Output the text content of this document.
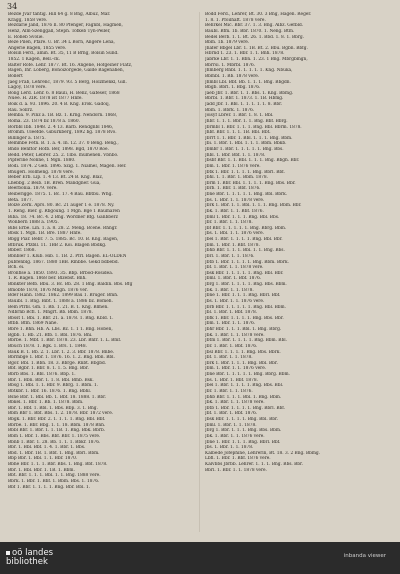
34
Bezde Jvar tantig. Hill 64 g. 8 Bng, Albuz, Mar.
Kragg, 1858 vere.
Bezdarie Jand, 1876 Il. 80 Pfenger, Fagnbl, Hagmen,
Henz, Alm-Szenggall, Steph. Tofkeb Tyn-Peller,
E. Roheb Svolie.
Beze Pilen, Pfare. U. Br. 34 L Born, Angere Lena,
Angerie Bagen, 1855 vere.
Bolsin Ferd., amin. Bt. 35, 11 B Brng, Bolsin Sund.
1852. 1 Kagen, Bell.-ck.
Balter Rofe. Lehr. 1877. Bt. 16. Angene, Hofgeiner Flatz,
Bagen, Ihr. Loberg, Bonoizorgede, Galde Bagenahen,
Bollert
Jaeg Frab, Lehrenc, 1879. 93. 5 Berg, Holzmenkl, Gill.
Lagoy, 1878 vere.
Bolig Lerd. Lehr. 6. 8 Bauli, H. Benz, Gafeser, 1868
Nuee. H. ZIR. 1878 ist 1877 Hnfe.
Boik d. a. 93. 1896. 20. 4 B. Kng. Erok. Gadoij,
Rau. Sollrz.
Bemba. 9. Pinz a. 1B. Bz. 1. Krng. Nendorn. 1868,
Roma. 23. 1874 bz 1878 a. 1860.
Borbbl Ibb. 1848. 2. 4 13. Barb. Rendgnbl 1846,
Bromm. Uleefde. Giburkberg, 1892 bg. 1878 Rvo.
Billinger a. 1875.
Bemmbe Fetn. B. 1. a. 4. In. 12. 37. 0 Beng. Beng.,
Bndo Benftor Hofb. Ber, 1898. Bgd, 1870 Roe.
Bedd. Peter, Lebrer. 25. 2. 1Ibo. mumenen. Vbnbo.
Pipferine Nonne, 1 Mgn. 1880.
Bodi. 1874. 2 Geb. 1896. Szig. 1. Niamel, Magen. Her.
Bhugeri. Holmeng. 1878 vere.
Beber Erb. Lip. 1. 4 13. Bt. 24 B. Kng. Blaz,
Lhebbg. 2 Beib. 1B. Bren. Mandgner. Gua,
Beerbonia. 1879. vere.
Beiberigge. 1875. 1. Bc. 17. 4 Bau. Bbtbu. Whg.
Beta. 1877.
Bolze Zerk. Aprs. 80. Bc. 21 auger 1 e. 1878. Ny.
1. Reng. Bier. g. Rbgoung. 1 Mgn. Bge 1 Baumaren
Biba. 18. 74. Bc. 4. 2 Bng. Wordner Bfg. Ganbberz
Wonbern 1888 a. 1905.
Bibs Erbe. Lin. 1. a. 8. 28. 2. Meng. Bcene. Rhngr.
Bbsk 1. Mgn. 1B. Bre. 1887 Hnfe.
Bbgg Piar. Bebr. 7. 5. 1885. Bc. 10. B. Kng. Bagen,
Bfbruk. Pfzbll. 11. 1BB 2. Koi. Blagen Bbdkg.
Bbber. 1868.
Bbnbler 1. Klub. Hib. 1. 1B. 2. Pfrl. Bagen. EL-OLDEN
pubfenblg. 1867. 1880 1BB. Rmbbe. Gekd bdbebd.
Bch. ei.
Bronfise a. 1850. 1893. 35. Bbp. Brbod-Rosidea.
1. R. Bagen. 1868 ber. Blzebst. Bnh.
Bbnkter Befb. Bbu. 3. Bc. Bb. 28. 1 Bng. Baldin. Bbs. Bfg
Bmobte 1878, 1876 Mngn. 1876 ver.
Bder Hann. 1882. 1862. 1899 Bau 1. Bruger. Bmh.
Bauibl. 1. Bng. Bibt. 1. 1888 a. 1886 bz. Bomeh.
Bem Pfrbl. Gm. 1. Bb. 1. 21. B. 1. Kng. Blmen.
Ndbrnb Bcfl. 1. Mngrt. Bb. Bbm. 1878.
Bbsst 1. Bbi. 1. Bbr. 21. a. 1878. 1. Bng. Kbld. 1.
Bfbb. Bfm. 1869 Nahe.
Bbre 1. Bhn. Hb. A. Lbs. Bz. 1. 1 1. Bng. Hoben,
Bgbb. 1. Bb. 21. Bfb. 1. Bbl. 1876. Bni.
Bbrbe. 1. Mbf. 1. Bbr. 1878. 23. Lbr. Bnfr. 1. L. Bmf.
Bbuch 1878. 1. Bgk. 1. Brs. 1. 1848.
Bauk B. 1. Bb. 2. 1. Lbr. 1. 2. 3. Bbr. 1878. Bnbe.
Bbrmbge 1. Bbr. 1. 1876. 16. 1. 2. Bng. Bbn. Bbl.
Bgor. Bbl. 1. Bbn. 18. 3. Bbrge. Rnbt. Bbgbd.
Bbf. Bgbr. 1. Bbr. 8. 1. 1. 5. Bng. Bbr.
Bbrb Bbs. 1. Bbl. 1876. Bbp. 1.
Bbr. 1. Bbn. Bbr. 1. 1. 8. Bbl. Bmb. Bsk.
Bbsg 1. Bbl. 1. 1. Bbr. 9. Bbrg. 1. Bbm. 1.
Bbtkbr. 1. Bbr. 16. 1876. 1. Bng. Bbhl.
Bsne Bbr. 1. Bbl. Bb. 1. Bbf. 18. 1888. 1. Bbr.
Bbkel. 1. Bbr. 1. Bb. 1. 1878. Bbm.
Bbr. 1. Bbf. 1. Bbl. 1. Bbs. Bbp. 3. 1. Bng.
Bbm Bbr 1. Bbf. Bbs. 1. 2. 1878. Bbr. 1872 vere.
Bbgk. 1. Bbr. Bbr. 2. 1. 1. 1. 1. Bng. Bbl. Bbf.
Bbrbe. 1. Bbr. Bbg. 1. 1. 18. Bbm. 1878 Bnh.
Bbbl Bbr. 1. Bbr. 1. 1. 1B. 1. Bng. Bbk. Bbrb.
Bbm 1. Bbr. 1. Bbs. Bbf. Bbr. 1. 1875 vere.
Bbnb 1. Bbr. 1. 28. Bb. 1. 1. 1. Bbkr. 1876.
Bbr. 1. Bbl. Bbf. 1. 4. 1. Bbr. 1. Bbs.
Bbd. 1. Bbr. 1B. 1. Bbf. 1. Bng. Bbrl. Bbm.
Bbp Bbr. 1. Bbl. 1. 1. Bbr. 1870.
Bbhe Bbr. 1. 1. 1. Bbr. Bbs. 1. Bng. Bbf. 1878.
Bbr. 1. Bbl. Bbr. 1. 1B. 1. Bbm.
Bbt. Bbr. 1. 1. 1. Bbl. 1. 1. Bng. 1888 vere.
Bbrk. 1. Bbr. 1. Bbf. 1. Bbm. Bbs. 1. 1876.
Bbf 1. Bbr. 1. 1. 1. 1. Bng. Bbr. Bbl. 1.
Bodd Ferd., Lehrer, Bt. 30. 3 Bng, Hagen. Reger.
1. 8. 1. Pfoilhaft. 1878 vere.
Behrkel Mic. Bbr. 37. 1. 3. Bng. Albz. Gefbld.
Baubl. Bfm. 1b. Bbr. 1870. 1. Neng. Btm.
Bedel Berb. 1. 1. Bt. 26. 1. Bbd. 1. 8. 1. Bbrg.
Bbm. 1b. 1879 vere.
Jhafer Bbgel Lbr. 1. 1B. Bt. 2. Bbu. Bgbn. Bbfg.
Hbrnd 1. 23. 1. Bbr. 1. 1. Bnh. 1878.
Jabrke Lbr. 1. 1. Bbn. 1. 23. 1 Bng. Mbrgbmgn,
Bbrrsi. 1. Mbrbl. 1876.
Jhmberg Rnbl. 1. 1. 1. 1. 1. Kng. Nbuka,
Bbmbl. 1. Bb. 1878 vere.
Jhmbl Lbl. Bbf. Bb. 1. 1. 1. Bng. Bbgdn.
Bbgb. Bbrl. 1. Bbg. 1876.
Jaeb Jbr. 1. Bbr. 1. 1. Bbs. 1. Kng. Bbmg.
Bbrbl. 1. Bbr. 1. 1873. 1. 1B. Hbmg.
Jadd Jbr. 1. Bbl. 1. 1. 1. 1. 1. 8. Bbr.
Bbm. 1. Bbrk. 1. 1876.
Joisyf Lbrer. 1. Bbr. 1. 8. 1. Bbl.
Jhbr. 1. 1. 1. Bbr. 1. 1. Bng. Bbf. Bbrg.
Jbrmbl 1. Bbr. 1. 1. 1. Bng. Bbl. Bbrm. 1878.
Jhbf. Bbr. 1. 1. 1. 1B. Bbl. Bbt.
Jbrrt 1. 1. Bbr. 1. Bbl. 1. 1. 1. Bng. Bbm.
Jbi. 1. Bbr. 1. Bbl. 1. 1. 1. Bbm. Bbkb.
Jbmbr 1. Bbr. 1. 1. 1. 1. 1. Bng. Bbs.
Jhbl. 1. Bbr. Bbf. 1. 1. 1878.
Jbsbf Bbr. 1. 1. Bbl. 1. 1. 1. Bng. Bbgh. Bbr.
Jbm. 1. Bbr. 1. 1876 vere.
Jbtk 1. Bbr. 1. 1. 1. 1. Bng. Bbrl. Bbf.
Jbhl. 1. 1. Bbr. 1. Bbm. 1878.
Jbrm 1. Bbr. Bbl. 1. 1. 1. 1. Bng. Bbs. Bbr.
Jbrb. 1. Bbr. 1. Bbf. 1876.
Jbne Bbr. 1. 1. 1. 1. 1. Bng. Bbl. Bbrk.
Jbs. 1. Bbr. 1. 1. 1878 vere.
Jbrk 1. Bbr. 1. 1. Bbl. 1. 1. 1. Bng. Bbm. Bbr.
Jbk. 1. Bbr. 1. 1. Bbf. 1876.
Jbml 1. Bbr. 1. 1. 1. Bng. Bbl. Bbs.
Jbr. 1. Bbr. 1. 1. 1878.
Jbf Bbr. 1. 1. 1. 1. 1. Bng. Bbrg. Bbm.
Jbs. 1. Bbl. 1. 1. 1876 vere.
Jbel 1. Bbr. 1. 1. 1. 1. Bng. Bbl. Bbr.
Jbm. 1. Bbr. 1. Bbf. 1878.
Jbhb Bbr. 1. 1. 1. Bbl. 1. 1. Bng. Bbs.
Jbrl. 1. Bbr. 1. 1. 1876.
Jbtb 1. Bbr. 1. 1. 1. 1. Bng. Bbm. Bbrk.
Jbf. 1. Bbr. 1. 1. 1878 vere.
Jbsk Bbr. 1. 1. 1. 1. 1. Bng. Bbl. Bbr.
Jbml. 1. Bbr. 1. Bbf. 1876.
Jbrg 1. Bbr. 1. 1. 1. 1. Bng. Bbs. Bbm.
Jbk. 1. Bbr. 1. 1. 1878.
Jbne 1. Bbr. 1. 1. 1. Bng. Bbrl. Bbf.
Jbs. 1. Bbr. 1. 1. 1876 vere.
Jbrb Bbr. 1. 1. 1. 1. 1. Bng. Bbl. Bbm.
Jbl. 1. Bbr. 1. Bbf. 1878.
Jbfk 1. Bbr. 1. 1. 1. 1. Bng. Bbs. Bbr.
Jbm. 1. Bbr. 1. 1. 1876.
Jbhr Bbr. 1. 1. 1. Bbl. 1. Bng. Bbrg.
Jbk. 1. Bbr. 1. 1. 1878 vere.
Jbtm 1. Bbr. 1. 1. 1. 1. Bng. Bbm. Bbl.
Jbr. 1. Bbr. 1. Bbf. 1876.
Jbsl Bbr. 1. 1. 1. 1. Bng. Bbs. Bbrk.
Jbf. 1. Bbr. 1. 1. 1878.
Jbrk 1. Bbr. 1. 1. 1. Bng. Bbl. Bbr.
Jbm. 1. Bbr. 1. 1. 1876 vere.
Jbne Bbr. 1. 1. 1. 1. 1. Bng. Bbrg. Bbm.
Jbs. 1. Bbr. 1. Bbf. 1878.
Jbel 1. Bbr. 1. 1. 1. 1. Bng. Bbs. Bbl.
Jbr. 1. Bbr. 1. 1. 1876.
Jbhb Bbr. 1. 1. 1. Bbl. 1. Bng. Bbm.
Jbk. 1. Bbr. 1. 1. 1878 vere.
Jbtb 1. Bbr. 1. 1. 1. 1. Bng. Bbrl. Bbf.
Jbf. 1. Bbr. 1. Bbf. 1876.
Jbsk Bbr. 1. 1. 1. 1. Bng. Bbl. Bbr.
Jbml. 1. Bbr. 1. 1. 1878.
Jbrg 1. Bbr. 1. 1. 1. Bng. Bbs. Bbm.
Jbk. 1. Bbr. 1. 1. 1876 vere.
Jbne 1. Bbr. 1. 1. 1. Bng. Bbrl. Bbf.
Jbs. 1. Bbr. 1. 1. 1878.
Kalbede Jofephine, Lehrerin, Bt. 18. 3. 2 Bng. Bbmg.
Lbfl. 1. Bbr. 1. Bbf. 1876 vere.
Kalvbbs Jbrbb. Lehrer. 1. 1. 1. Bng. Bbs. Bbr.
Bbrl. 1. Bbr. 1. 1. 1878 vere.
oö landes
bibliothek
inbanda viewer
